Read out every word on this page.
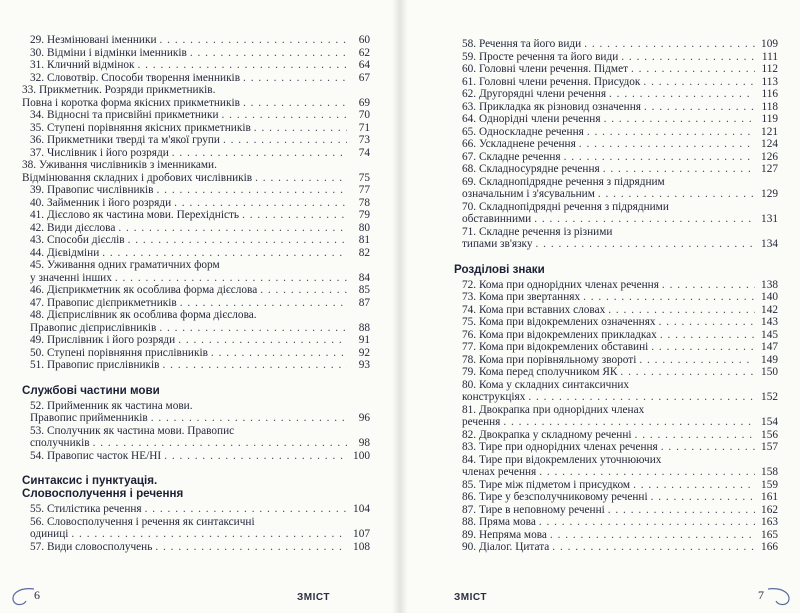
29. Незмінювані іменники . . .	60
30. Відміни і відмінки іменників . . .	62
31. Кличний відмінок . . .	64
32. Словотвір. Способи творення іменників . . .	67
33. Прикметник. Розряди прикметників.
Повна і коротка форма якісних прикметників . . .	69
34. Відносні та присвійні прикметники . . .	70
35. Ступені порівняння якісних прикметників . . .	71
36. Прикметники тверді та м'якої групи . . .	73
37. Числівник і його розряди . . .	74
38. Уживання числівників з іменниками.
Відмінювання складних і дробових числівників . . .	75
39. Правопис числівників . . .	77
40. Займенник і його розряди . . .	78
41. Дієслово як частина мови. Перехідність . . .	79
42. Види дієслова . . .	80
43. Способи дієслів . . .	81
44. Дієвідміни . . .	82
45. Уживання одних граматичних форм
у значенні інших . . .	84
46. Дієприкметник як особлива форма дієслова . . .	85
47. Правопис дієприкметників . . .	87
48. Дієприслівник як особлива форма дієслова.
Правопис дієприслівників . . .	88
49. Прислівник і його розряди . . .	91
50. Ступені порівняння прислівників . . .	92
51. Правопис прислівників . . .	93
Службові частини мови
52. Прийменник як частина мови.
Правопис прийменників . . .	96
53. Сполучник як частина мови. Правопис
сполучників . . .	98
54. Правопис часток НЕ/НІ . . .	100
Синтаксис і пунктуація.
Словосполучення і речення
55. Стилістика речення . . .	104
56. Словосполучення і речення як синтаксичні
одиниці . . .	107
57. Види словосполучень . . .	108
6	ЗМІСТ
58. Речення та його види . . .	109
59. Просте речення та його види . . .	111
60. Головні члени речення. Підмет . . .	112
61. Головні члени речення. Присудок . . .	113
62. Другорядні члени речення . . .	116
63. Прикладка як різновид означення . . .	118
64. Однорідні члени речення . . .	119
65. Односкладне речення . . .	121
66. Ускладнене речення . . .	124
67. Складне речення . . .	126
68. Складносурядне речення . . .	127
69. Складнопідрядне речення з підрядним
означальним і з'ясувальним . . .	129
70. Складнопідрядні речення з підрядними
обставинними . . .	131
71. Складне речення із різними
типами зв'язку . . .	134
Розділові знаки
72. Кома при однорідних членах речення . . .	138
73. Кома при звертаннях . . .	140
74. Кома при вставних словах . . .	142
75. Кома при відокремлених означеннях . . .	143
76. Кома при відокремлених прикладках . . .	145
77. Кома при відокремлених обставині . . .	147
78. Кома при порівняльному звороті . . .	149
79. Кома перед сполучником ЯК . . .	150
80. Кома у складних синтаксичних
конструкціях . . .	152
81. Двокрапка при однорідних членах
речення . . .	154
82. Двокрапка у складному реченні . . .	156
83. Тире при однорідних членах речення . . .	157
84. Тире при відокремлених уточнюючих
членах речення . . .	158
85. Тире між підметом і присудком . . .	159
86. Тире у безсполучниковому реченні . . .	161
87. Тире в неповному реченні . . .	162
88. Пряма мова . . .	163
89. Непряма мова . . .	165
90. Діалог. Цитата . . .	166
ЗМІСТ	7
